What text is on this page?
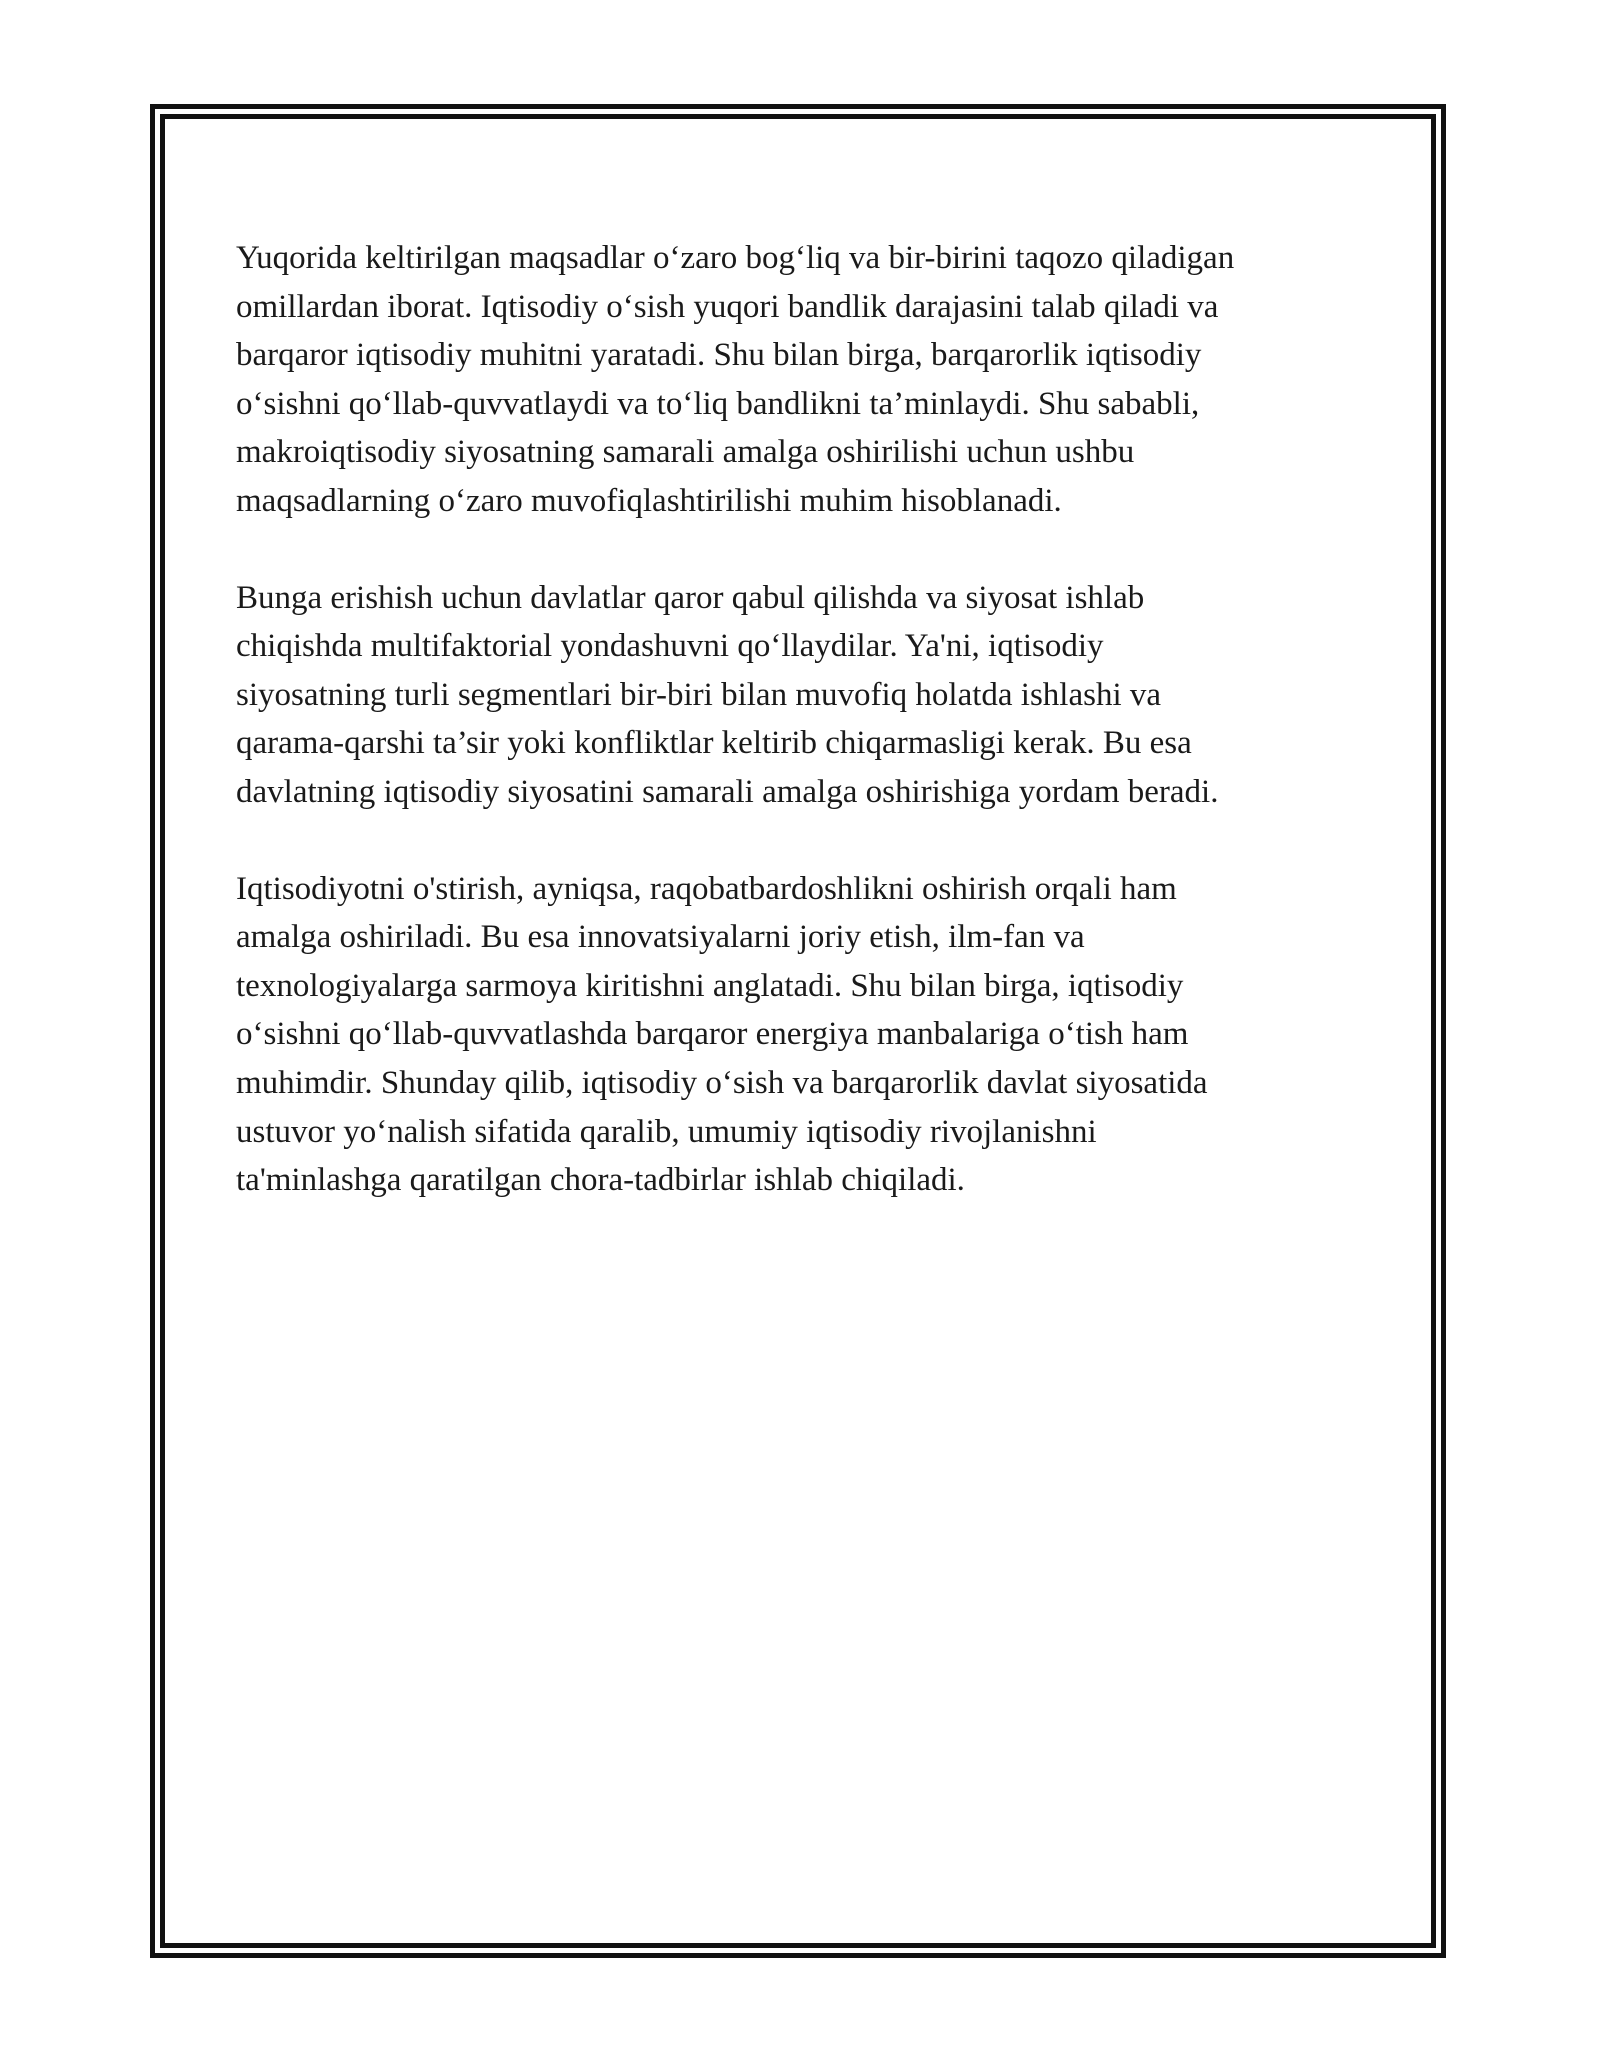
Yuqorida keltirilgan maqsadlar o‘zaro bog‘liq va bir-birini taqozo qiladigan
omillardan iborat. Iqtisodiy o‘sish yuqori bandlik darajasini talab qiladi va
barqaror iqtisodiy muhitni yaratadi. Shu bilan birga, barqarorlik iqtisodiy
o‘sishni qo‘llab-quvvatlaydi va to‘liq bandlikni ta’minlaydi. Shu sababli,
makroiqtisodiy siyosatning samarali amalga oshirilishi uchun ushbu
maqsadlarning o‘zaro muvofiqlashtirilishi muhim hisoblanadi.

Bunga erishish uchun davlatlar qaror qabul qilishda va siyosat ishlab
chiqishda multifaktorial yondashuvni qo‘llaydilar. Ya'ni, iqtisodiy
siyosatning turli segmentlari bir-biri bilan muvofiq holatda ishlashi va
qarama-qarshi ta’sir yoki konfliktlar keltirib chiqarmasligi kerak. Bu esa
davlatning iqtisodiy siyosatini samarali amalga oshirishiga yordam beradi.

Iqtisodiyotni o'stirish, ayniqsa, raqobatbardoshlikni oshirish orqali ham
amalga oshiriladi. Bu esa innovatsiyalarni joriy etish, ilm-fan va
texnologiyalarga sarmoya kiritishni anglatadi. Shu bilan birga, iqtisodiy
o‘sishni qo‘llab-quvvatlashda barqaror energiya manbalariga o‘tish ham
muhimdir. Shunday qilib, iqtisodiy o‘sish va barqarorlik davlat siyosatida
ustuvor yo‘nalish sifatida qaralib, umumiy iqtisodiy rivojlanishni
ta'minlashga qaratilgan chora-tadbirlar ishlab chiqiladi.
